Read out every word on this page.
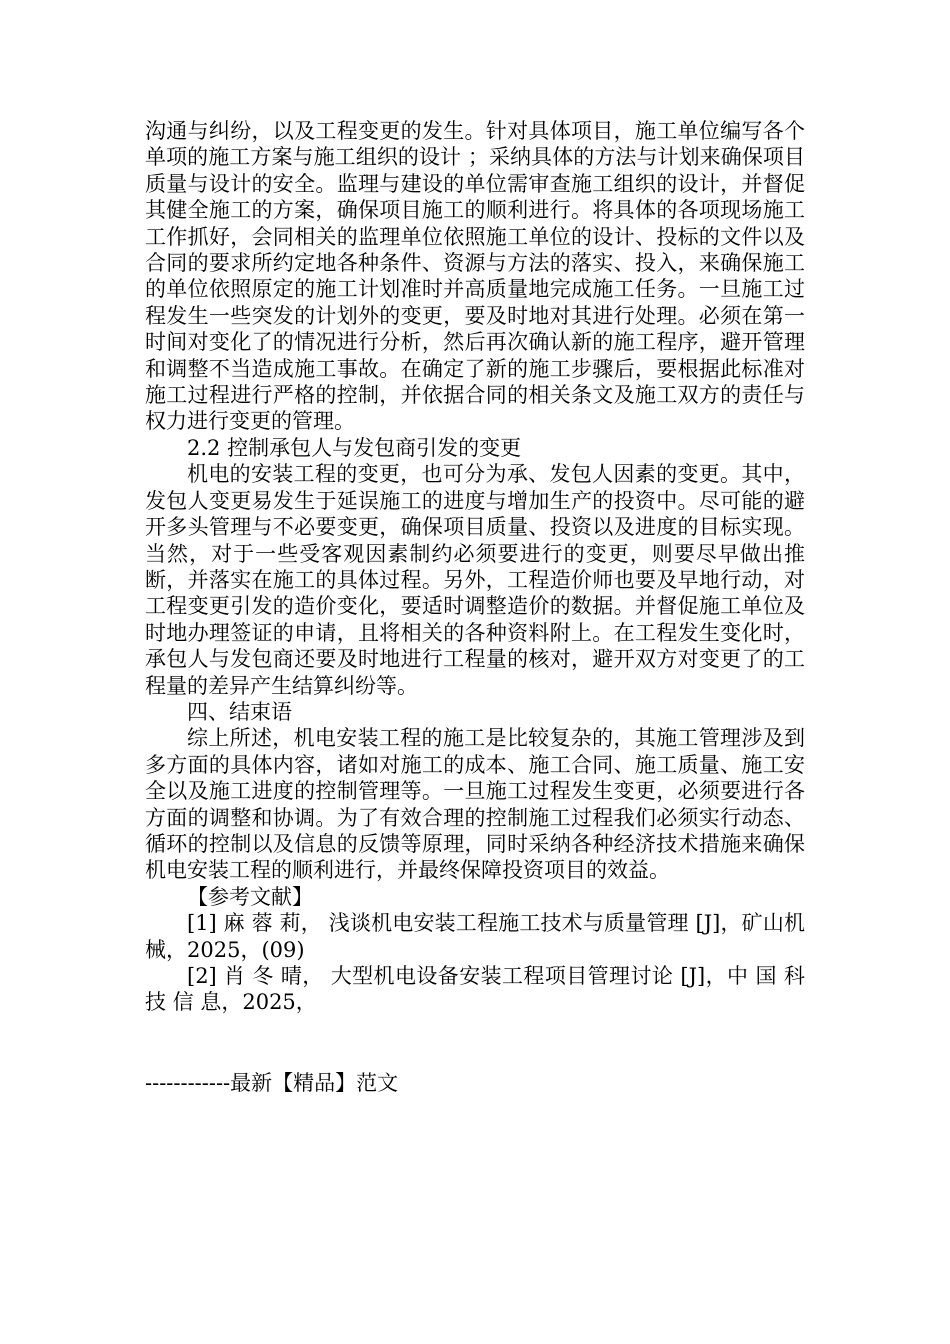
沟通与纠纷，以及工程变更的发生。针对具体项目，施工单位编写各个单项的施工方案与施工组织的设计 ；采纳具体的方法与计划来确保项目质量与设计的安全。监理与建设的单位需审查施工组织的设计，并督促其健全施工的方案，确保项目施工的顺利进行。将具体的各项现场施工工作抓好，会同相关的监理单位依照施工单位的设计、投标的文件以及合同的要求所约定地各种条件、资源与方法的落实、投入，来确保施工的单位依照原定的施工计划准时并高质量地完成施工任务。一旦施工过程发生一些突发的计划外的变更，要及时地对其进行处理。必须在第一时间对变化了的情况进行分析，然后再次确认新的施工程序，避开管理和调整不当造成施工事故。在确定了新的施工步骤后，要根据此标准对施工过程进行严格的控制，并依据合同的相关条文及施工双方的责任与权力进行变更的管理。

2.2 控制承包人与发包商引发的变更

机电的安装工程的变更，也可分为承、发包人因素的变更。其中，发包人变更易发生于延误施工的进度与增加生产的投资中。尽可能的避开多头管理与不必要变更，确保项目质量、投资以及进度的目标实现。当然，对于一些受客观因素制约必须要进行的变更，则要尽早做出推断，并落实在施工的具体过程。另外，工程造价师也要及早地行动，对工程变更引发的造价变化，要适时调整造价的数据。并督促施工单位及时地办理签证的申请，且将相关的各种资料附上。在工程发生变化时，承包人与发包商还要及时地进行工程量的核对，避开双方对变更了的工程量的差异产生结算纠纷等。

四、结束语

综上所述，机电安装工程的施工是比较复杂的，其施工管理涉及到多方面的具体内容，诸如对施工的成本、施工合同、施工质量、施工安全以及施工进度的控制管理等。一旦施工过程发生变更，必须要进行各方面的调整和协调。为了有效合理的控制施工过程我们必须实行动态、循环的控制以及信息的反馈等原理，同时采纳各种经济技术措施来确保机电安装工程的顺利进行，并最终保障投资项目的效益。

【参考文献】

[1] 麻 蓉 莉， 浅谈机电安装工程施工技术与质量管理 [J]，矿山机械，2025，(09)

[2] 肖 冬 晴， 大型机电设备安装工程项目管理讨论 [J]，中 国 科 技 信 息，2025，

------------最新【精品】范文
